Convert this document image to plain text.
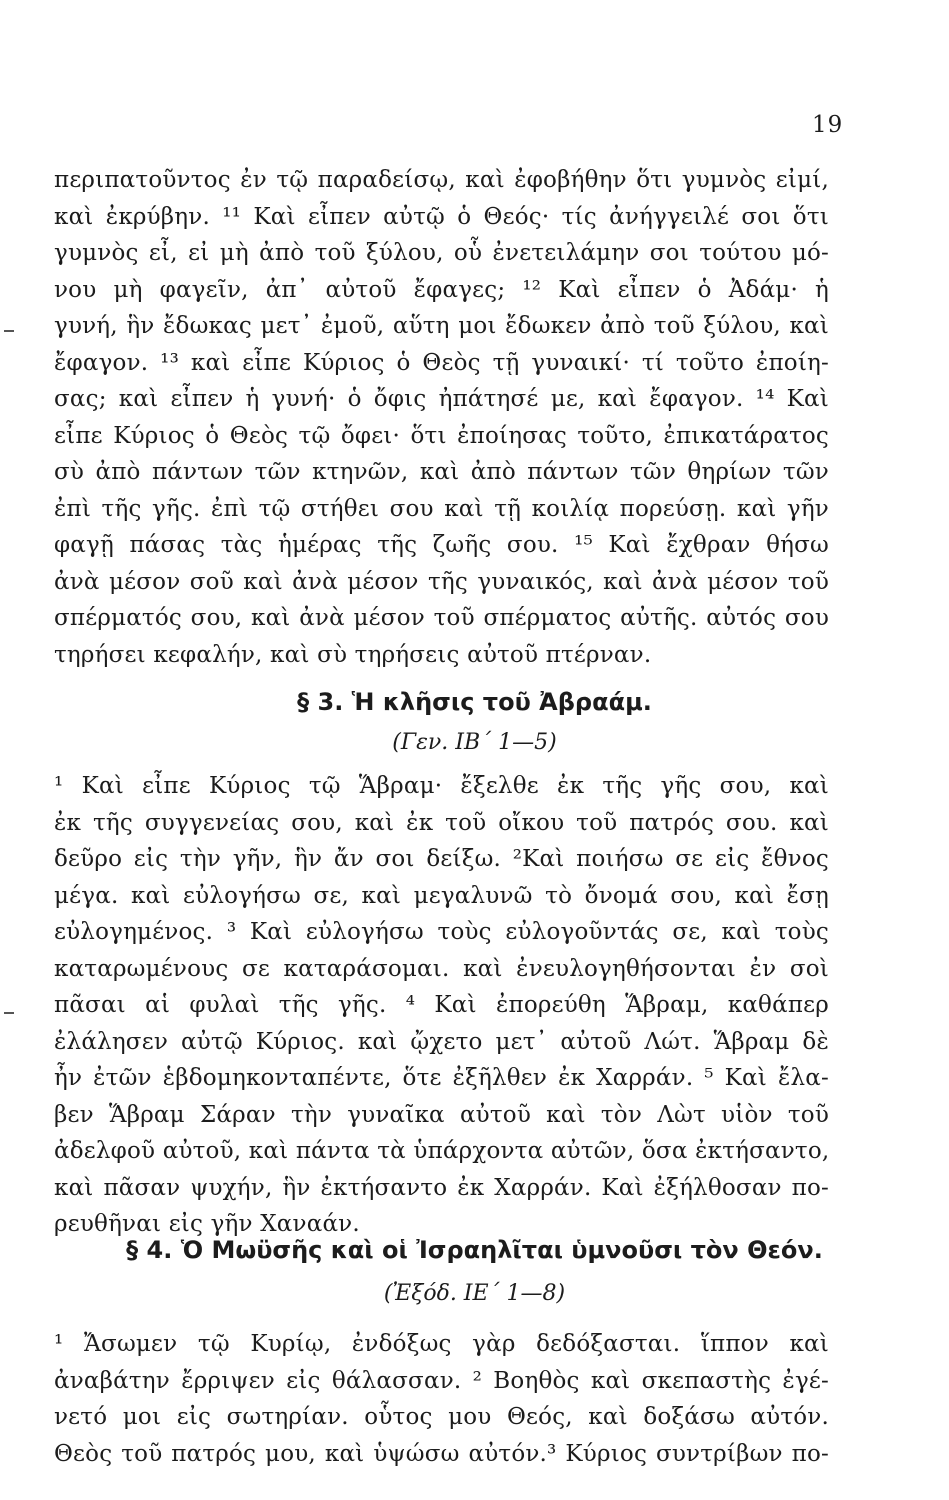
19
περιπατοῦντος ἐν τῷ παραδείσῳ, καὶ ἐφοβήθην ὅτι γυμνὸς εἰμί,
καὶ ἐκρύβην. ¹¹ Καὶ εἶπεν αὐτῷ ὁ Θεός· τίς ἀνήγγειλέ σοι ὅτι
γυμνὸς εἶ, εἰ μὴ ἀπὸ τοῦ ξύλου, οὗ ἐνετειλάμην σοι τούτου μό-
νου μὴ φαγεῖν, ἀπ᾽ αὐτοῦ ἔφαγες; ¹² Καὶ εἶπεν ὁ Ἀδάμ· ἡ
γυνή, ἣν ἔδωκας μετ᾽ ἐμοῦ, αὕτη μοι ἔδωκεν ἀπὸ τοῦ ξύλου, καὶ
ἔφαγον. ¹³ καὶ εἶπε Κύριος ὁ Θεὸς τῇ γυναικί· τί τοῦτο ἐποίη-
σας; καὶ εἶπεν ἡ γυνή· ὁ ὄφις ἠπάτησέ με, καὶ ἔφαγον. ¹⁴ Καὶ
εἶπε Κύριος ὁ Θεὸς τῷ ὄφει· ὅτι ἐποίησας τοῦτο, ἐπικατάρατος
σὺ ἀπὸ πάντων τῶν κτηνῶν, καὶ ἀπὸ πάντων τῶν θηρίων τῶν
ἐπὶ τῆς γῆς. ἐπὶ τῷ στήθει σου καὶ τῇ κοιλίᾳ πορεύσῃ. καὶ γῆν
φαγῇ πάσας τὰς ἡμέρας τῆς ζωῆς σου. ¹⁵ Καὶ ἔχθραν θήσω
ἀνὰ μέσον σοῦ καὶ ἀνὰ μέσον τῆς γυναικός, καὶ ἀνὰ μέσον τοῦ
σπέρματός σου, καὶ ἀνὰ μέσον τοῦ σπέρματος αὐτῆς. αὐτός σου
τηρήσει κεφαλήν, καὶ σὺ τηρήσεις αὐτοῦ πτέρναν.
§ 3. Ἡ κλῆσις τοῦ Ἀβραάμ.
(Γεν. ΙΒ΄ 1—5)
¹ Καὶ εἶπε Κύριος τῷ Ἅβραμ· ἔξελθε ἐκ τῆς γῆς σου, καὶ
ἐκ τῆς συγγενείας σου, καὶ ἐκ τοῦ οἴκου τοῦ πατρός σου. καὶ
δεῦρο εἰς τὴν γῆν, ἣν ἄν σοι δείξω. ²Καὶ ποιήσω σε εἰς ἔθνος
μέγα. καὶ εὐλογήσω σε, καὶ μεγαλυνῶ τὸ ὄνομά σου, καὶ ἔσῃ
εὐλογημένος. ³ Καὶ εὐλογήσω τοὺς εὐλογοῦντάς σε, καὶ τοὺς
καταρωμένους σε καταράσομαι. καὶ ἐνευλογηθήσονται ἐν σοὶ
πᾶσαι αἱ φυλαὶ τῆς γῆς. ⁴ Καὶ ἐπορεύθη Ἅβραμ, καθάπερ
ἐλάλησεν αὐτῷ Κύριος. καὶ ᾤχετο μετ᾽ αὐτοῦ Λώτ. Ἅβραμ δὲ
ἦν ἐτῶν ἑβδομηκονταπέντε, ὅτε ἐξῆλθεν ἐκ Χαρράν. ⁵ Καὶ ἔλα-
βεν Ἅβραμ Σάραν τὴν γυναῖκα αὐτοῦ καὶ τὸν Λὼτ υἱὸν τοῦ
ἀδελφοῦ αὐτοῦ, καὶ πάντα τὰ ὑπάρχοντα αὐτῶν, ὅσα ἐκτήσαντο,
καὶ πᾶσαν ψυχήν, ἣν ἐκτήσαντο ἐκ Χαρράν. Καὶ ἐξήλθοσαν πο-
ρευθῆναι εἰς γῆν Χαναάν.
§ 4. Ὁ Μωϋσῆς καὶ οἱ Ἰσραηλῖται ὑμνοῦσι τὸν Θεόν.
(Ἐξόδ. ΙΕ΄ 1—8)
¹ Ἄσωμεν τῷ Κυρίῳ, ἐνδόξως γὰρ δεδόξασται. ἵππον καὶ
ἀναβάτην ἔρριψεν εἰς θάλασσαν. ² Βοηθὸς καὶ σκεπαστὴς ἐγέ-
νετό μοι εἰς σωτηρίαν. οὗτος μου Θεός, καὶ δοξάσω αὐτόν.
Θεὸς τοῦ πατρός μου, καὶ ὑψώσω αὐτόν.³ Κύριος συντρίβων πο-
